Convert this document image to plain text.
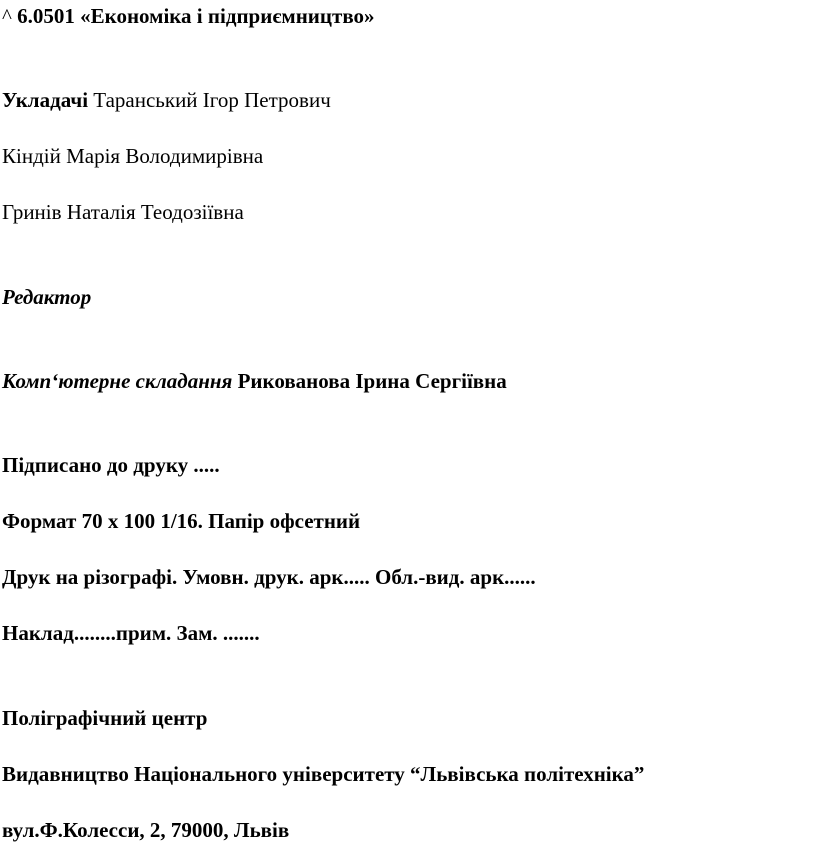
^ 6.0501 «Економіка і підприємництво»
Укладачі Таранський Ігор Петрович
Кіндій Марія Володимирівна
Гринів Наталія Теодозіївна
Редактор
Комп‘ютерне складання Рикованова Ірина Сергіївна
Підписано до друку .....
Формат 70 х 100 1/16. Папір офсетний
Друк на різографі. Умовн. друк. арк..... Обл.-вид. арк......
Наклад........прим. Зам. .......
Поліграфічний центр
Видавництво Національного університету “Львівська політехніка”
вул.Ф.Колесси, 2, 79000, Львів
